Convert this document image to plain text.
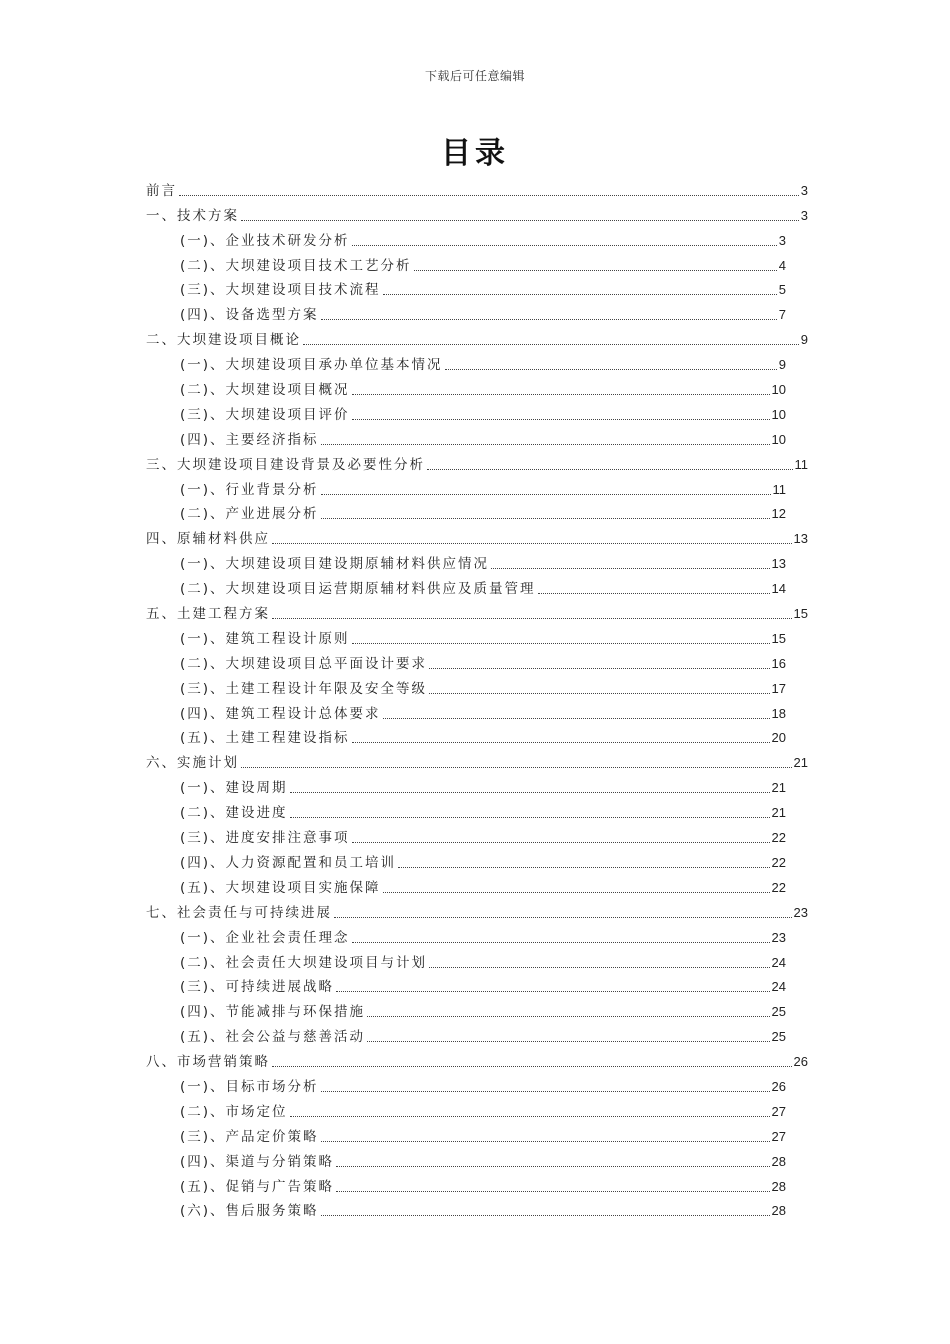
下载后可任意编辑
目录
前言	3
一、技术方案	3
(一)、企业技术研发分析	3
(二)、大坝建设项目技术工艺分析	4
(三)、大坝建设项目技术流程	5
(四)、设备选型方案	7
二、大坝建设项目概论	9
(一)、大坝建设项目承办单位基本情况	9
(二)、大坝建设项目概况	10
(三)、大坝建设项目评价	10
(四)、主要经济指标	10
三、大坝建设项目建设背景及必要性分析	11
(一)、行业背景分析	11
(二)、产业进展分析	12
四、原辅材料供应	13
(一)、大坝建设项目建设期原辅材料供应情况	13
(二)、大坝建设项目运营期原辅材料供应及质量管理	14
五、土建工程方案	15
(一)、建筑工程设计原则	15
(二)、大坝建设项目总平面设计要求	16
(三)、土建工程设计年限及安全等级	17
(四)、建筑工程设计总体要求	18
(五)、土建工程建设指标	20
六、实施计划	21
(一)、建设周期	21
(二)、建设进度	21
(三)、进度安排注意事项	22
(四)、人力资源配置和员工培训	22
(五)、大坝建设项目实施保障	22
七、社会责任与可持续进展	23
(一)、企业社会责任理念	23
(二)、社会责任大坝建设项目与计划	24
(三)、可持续进展战略	24
(四)、节能减排与环保措施	25
(五)、社会公益与慈善活动	25
八、市场营销策略	26
(一)、目标市场分析	26
(二)、市场定位	27
(三)、产品定价策略	27
(四)、渠道与分销策略	28
(五)、促销与广告策略	28
(六)、售后服务策略	28
